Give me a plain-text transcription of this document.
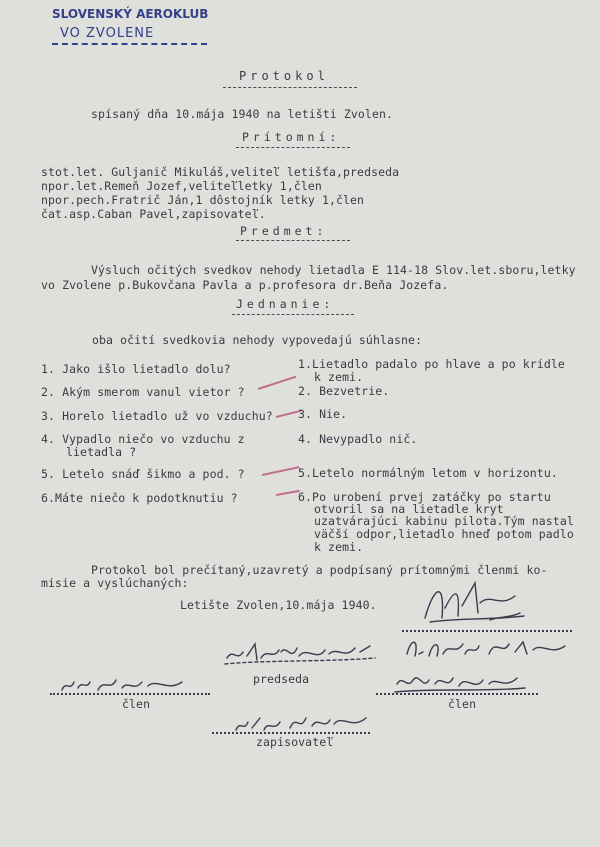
SLOVENSKÝ AEROKLUB
VO ZVOLENE
Protokol
spísaný dňa 10.mája 1940 na letišti Zvolen.
Prítomní:
stot.let. Guljanič Mikuláš,veliteľ letišťa,predseda
npor.let.Remeň Jozef,veliteľletky 1,člen
npor.pech.Fratrič Ján,1 dôstojník letky 1,člen
čat.asp.Caban Pavel,zapisovateľ.
Predmet:
Výsluch očitých svedkov nehody lietadla E 114-18 Slov.let.sboru,letky
vo Zvolene p.Bukovčana Pavla a p.profesora dr.Beňa Jozefa.
Jednanie:
oba očití svedkovia nehody vypovedajú súhlasne:
1. Jako išlo lietadlo dolu?
2. Akým smerom vanul vietor ?
3. Horelo lietadlo už vo vzduchu?
4. Vypadlo niečo vo vzduchu z
lietadla ?
5. Letelo snáď šikmo a pod. ?
6.Máte niečo k podotknutiu ?
1.Lietadlo padalo po hlave a po krídle
k zemi.
2. Bezvetrie.
3. Nie.
4. Nevypadlo nič.
5.Letelo normálným letom v horizontu.
6.Po urobení prvej zatáčky po startu
otvoril sa na lietadle kryt
uzatvárajúci kabinu pilota.Tým nastal
väčší odpor,lietadlo hneď potom padlo
k zemi.
Protokol bol prečítaný,uzavretý a podpísaný prítomnými členmi ko-
misie a vyslúchaných:
Letište Zvolen,10.mája 1940.
predseda
člen	člen
zapisovateľ
